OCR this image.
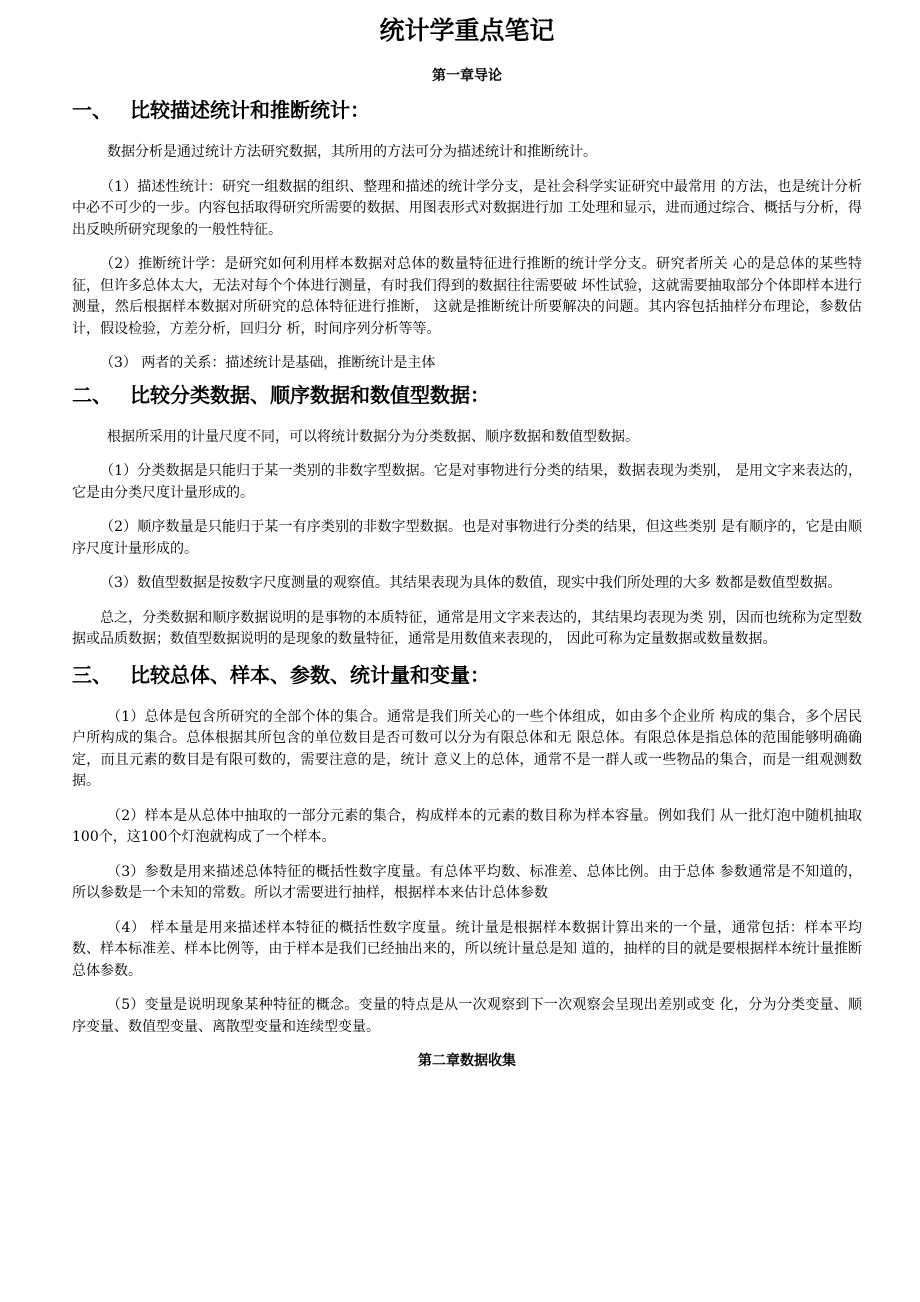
统计学重点笔记
第一章导论
一、 比较描述统计和推断统计：

数据分析是通过统计方法研究数据，其所用的方法可分为描述统计和推断统计。

（1）描述性统计：研究一组数据的组织、整理和描述的统计学分支，是社会科学实证研究中最常用 的方法，也是统计分析中必不可少的一步。内容包括取得研究所需要的数据、用图表形式对数据进行加 工处理和显示，进而通过综合、概括与分析，得出反映所研究现象的一般性特征。

（2）推断统计学：是研究如何利用样本数据对总体的数量特征进行推断的统计学分支。研究者所关 心的是总体的某些特征，但许多总体太大，无法对每个个体进行测量，有时我们得到的数据往往需要破 坏性试验，这就需要抽取部分个体即样本进行测量，然后根据样本数据对所研究的总体特征进行推断， 这就是推断统计所要解决的问题。其内容包括抽样分布理论，参数估计，假设检验，方差分析，回归分 析，时间序列分析等等。

（3） 两者的关系：描述统计是基础，推断统计是主体

二、 比较分类数据、顺序数据和数值型数据：

根据所采用的计量尺度不同，可以将统计数据分为分类数据、顺序数据和数值型数据。

（1）分类数据是只能归于某一类别的非数字型数据。它是对事物进行分类的结果，数据表现为类别， 是用文字来表达的，它是由分类尺度计量形成的。

（2）顺序数量是只能归于某一有序类别的非数字型数据。也是对事物进行分类的结果，但这些类别 是有顺序的，它是由顺序尺度计量形成的。

（3）数值型数据是按数字尺度测量的观察值。其结果表现为具体的数值，现实中我们所处理的大多 数都是数值型数据。

总之，分类数据和顺序数据说明的是事物的本质特征，通常是用文字来表达的，其结果均表现为类 别，因而也统称为定型数据或品质数据；数值型数据说明的是现象的数量特征，通常是用数值来表现的， 因此可称为定量数据或数量数据。

三、 比较总体、样本、参数、统计量和变量：

（1）总体是包含所研究的全部个体的集合。通常是我们所关心的一些个体组成，如由多个企业所 构成的集合，多个居民户所构成的集合。总体根据其所包含的单位数目是否可数可以分为有限总体和无 限总体。有限总体是指总体的范围能够明确确定，而且元素的数目是有限可数的，需要注意的是，统计 意义上的总体，通常不是一群人或一些物品的集合，而是一组观测数据。

（2）样本是从总体中抽取的一部分元素的集合，构成样本的元素的数目称为样本容量。例如我们 从一批灯泡中随机抽取100个，这100个灯泡就构成了一个样本。

（3）参数是用来描述总体特征的概括性数字度量。有总体平均数、标准差、总体比例。由于总体 参数通常是不知道的，所以参数是一个未知的常数。所以才需要进行抽样，根据样本来估计总体参数

（4） 样本量是用来描述样本特征的概括性数字度量。统计量是根据样本数据计算出来的一个量，通常包括：样本平均数、样本标准差、样本比例等，由于样本是我们已经抽出来的，所以统计量总是知 道的，抽样的目的就是要根据样本统计量推断总体参数。

（5）变量是说明现象某种特征的概念。变量的特点是从一次观察到下一次观察会呈现出差别或变 化，分为分类变量、顺序变量、数值型变量、离散型变量和连续型变量。

第二章数据收集
